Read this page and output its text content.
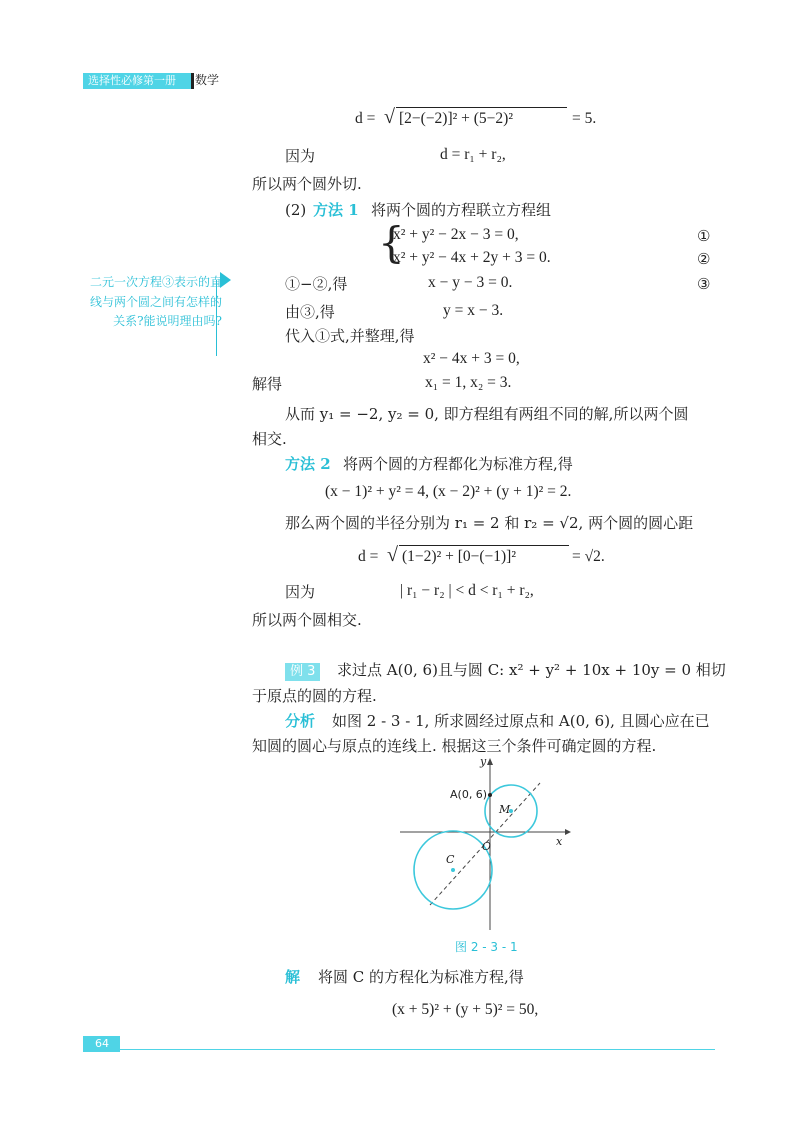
选择性必修第一册 数学
二元一次方程③表示的直线与两个圆之间有怎样的关系?能说明理由吗?
d = √ [2−(−2)]² + (5−2)²	= 5.
因为	d = r₁ + r₂,
所以两个圆外切.
(2) 方法 1 将两个圆的方程联立方程组
{
x² + y² − 2x − 3 = 0,
x² + y² − 4x + 2y + 3 = 0.
①
②
①−②,得	x − y − 3 = 0.	③
由③,得	y = x − 3.
代入①式,并整理,得
x² − 4x + 3 = 0,
解得	x₁ = 1, x₂ = 3.
从而 y₁ = −2, y₂ = 0, 即方程组有两组不同的解,所以两个圆
相交.
方法 2 将两个圆的方程都化为标准方程,得
(x − 1)² + y² = 4, (x − 2)² + (y + 1)² = 2.
那么两个圆的半径分别为 r₁ = 2 和 r₂ = √2, 两个圆的圆心距
d = √ (1−2)² + [0−(−1)]²	= √2.
因为	| r₁ − r₂ | < d < r₁ + r₂,
所以两个圆相交.
例 3	求过点 A(0, 6)且与圆 C: x² + y² + 10x + 10y = 0 相切
于原点的圆的方程.
分析 如图 2 - 3 - 1, 所求圆经过原点和 A(0, 6), 且圆心应在已
知圆的圆心与原点的连线上. 根据这三个条件可确定圆的方程.
A(0, 6)
M
O
C
x
y
图 2 - 3 - 1
解 将圆 C 的方程化为标准方程,得
(x + 5)² + (y + 5)² = 50,
64
